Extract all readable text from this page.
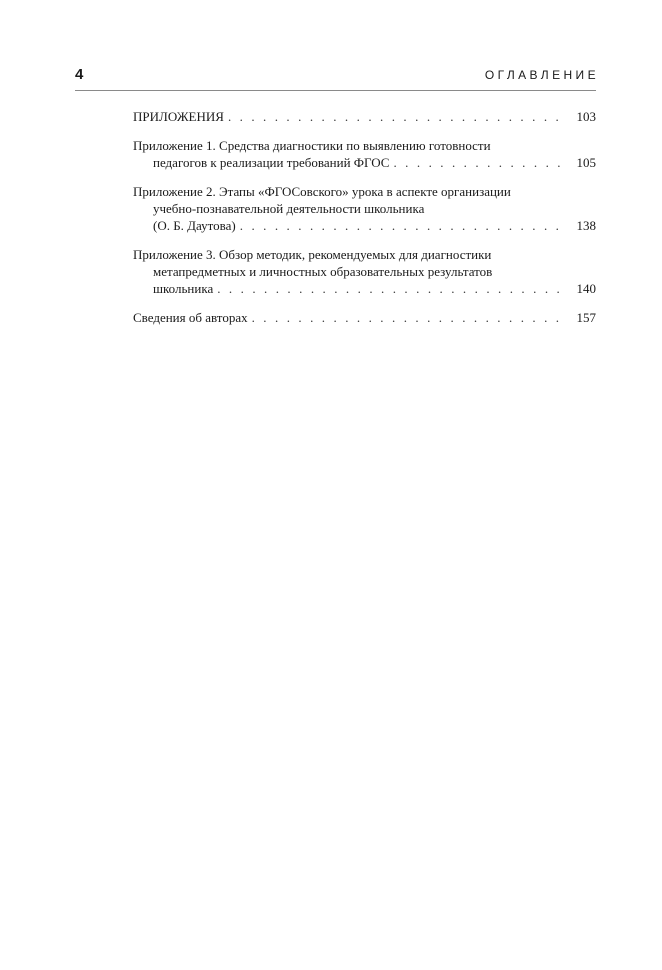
4	ОГЛАВЛЕНИЕ
ПРИЛОЖЕНИЯ . . .	103
Приложение 1. Средства диагностики по выявлению готовности
педагогов к реализации требований ФГОС . . .	105
Приложение 2. Этапы «ФГОСовского» урока в аспекте организации
учебно-познавательной деятельности школьника
(О. Б. Даутова) . . .	138
Приложение 3. Обзор методик, рекомендуемых для диагностики
метапредметных и личностных образовательных результатов
школьника . . .	140
Сведения об авторах . . .	157
